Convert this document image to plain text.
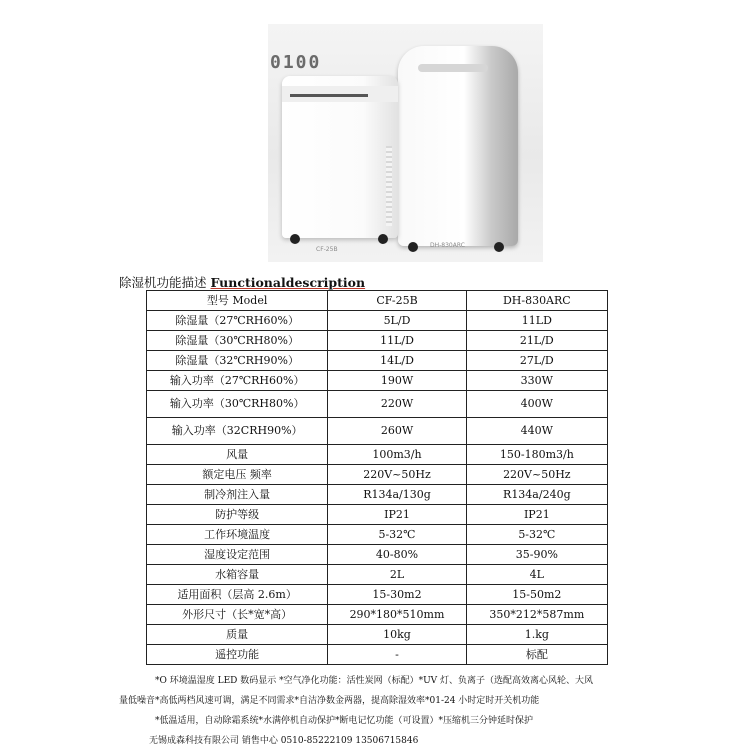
0100
CF-25B
DH-830ARC
除湿机功能描述 Functionaldescription
型号 Model	CF-25B	DH-830ARC
除湿量（27℃RH60%）	5L/D	11LD
除湿量（30℃RH80%）	11L/D	21L/D
除湿量（32℃RH90%）	14L/D	27L/D
输入功率（27℃RH60%）	190W	330W
输入功率（30℃RH80%）	220W	400W
输入功率（32CRH90%）	260W	440W
风量	100m3/h	150-180m3/h
额定电压 频率	220V~50Hz	220V~50Hz
制冷剂注入量	R134a/130g	R134a/240g
防护等级	IP21	IP21
工作环境温度	5-32℃	5-32℃
湿度设定范围	40-80%	35-90%
水箱容量	2L	4L
适用面积（层高 2.6m）	15-30m2	15-50m2
外形尺寸（长*宽*高）	290*180*510mm	350*212*587mm
质量	10kg	1.kg
遥控功能	-	标配
*O 环境温湿度 LED 数码显示 *空气净化功能：活性炭网（标配）*UV 灯、负离子（选配高效离心风轮、大风
量低噪音*高低两档风速可调，满足不同需求*自洁净数金两器，提高除湿效率*01-24 小时定时开关机功能
*低温适用，自动除霜系统*水满停机自动保护*断电记忆功能（可设置）*压缩机三分钟延时保护
无锡成森科技有限公司 销售中心 0510-85222109 13506715846
